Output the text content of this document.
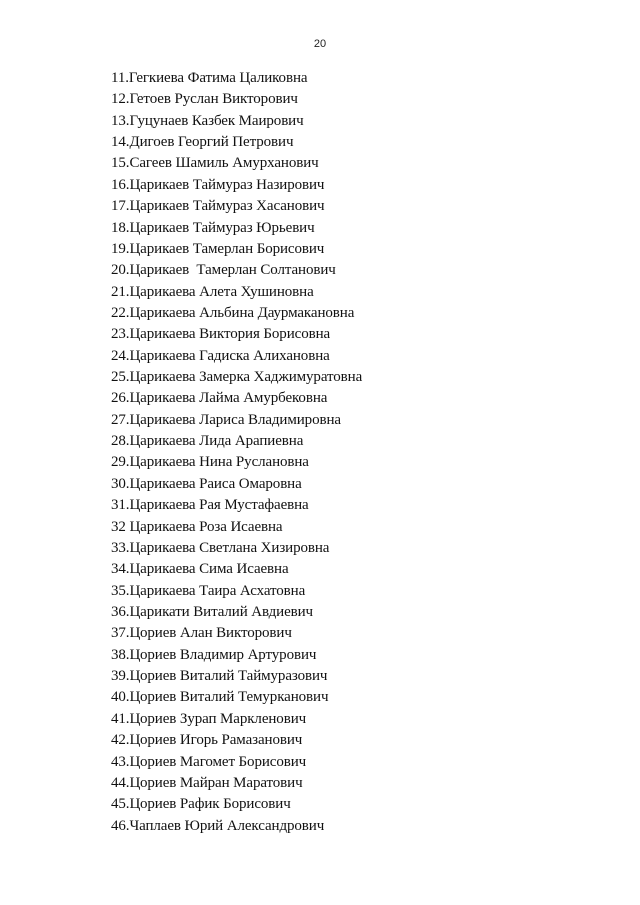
20
11.Гегкиева Фатима Цаликовна
12.Гетоев Руслан Викторович
13.Гуцунаев Казбек Маирович
14.Дигоев Георгий Петрович
15.Сагеев Шамиль Амурханович
16.Царикаев Таймураз Назирович
17.Царикаев Таймураз Хасанович
18.Царикаев Таймураз Юрьевич
19.Царикаев Тамерлан Борисович
20.Царикаев  Тамерлан Солтанович
21.Царикаева Алета Хушиновна
22.Царикаева Альбина Даурмакановна
23.Царикаева Виктория Борисовна
24.Царикаева Гадиска Алихановна
25.Царикаева Замерка Хаджимуратовна
26.Царикаева Лайма Амурбековна
27.Царикаева Лариса Владимировна
28.Царикаева Лида Арапиевна
29.Царикаева Нина Руслановна
30.Царикаева Раиса Омаровна
31.Царикаева Рая Мустафаевна
32 Царикаева Роза Исаевна
33.Царикаева Светлана Хизировна
34.Царикаева Сима Исаевна
35.Царикаева Таира Асхатовна
36.Царикати Виталий Авдиевич
37.Цориев Алан Викторович
38.Цориев Владимир Артурович
39.Цориев Виталий Таймуразович
40.Цориев Виталий Темурканович
41.Цориев Зурап Маркленович
42.Цориев Игорь Рамазанович
43.Цориев Магомет Борисович
44.Цориев Майран Маратович
45.Цориев Рафик Борисович
46.Чаплаев Юрий Александрович
